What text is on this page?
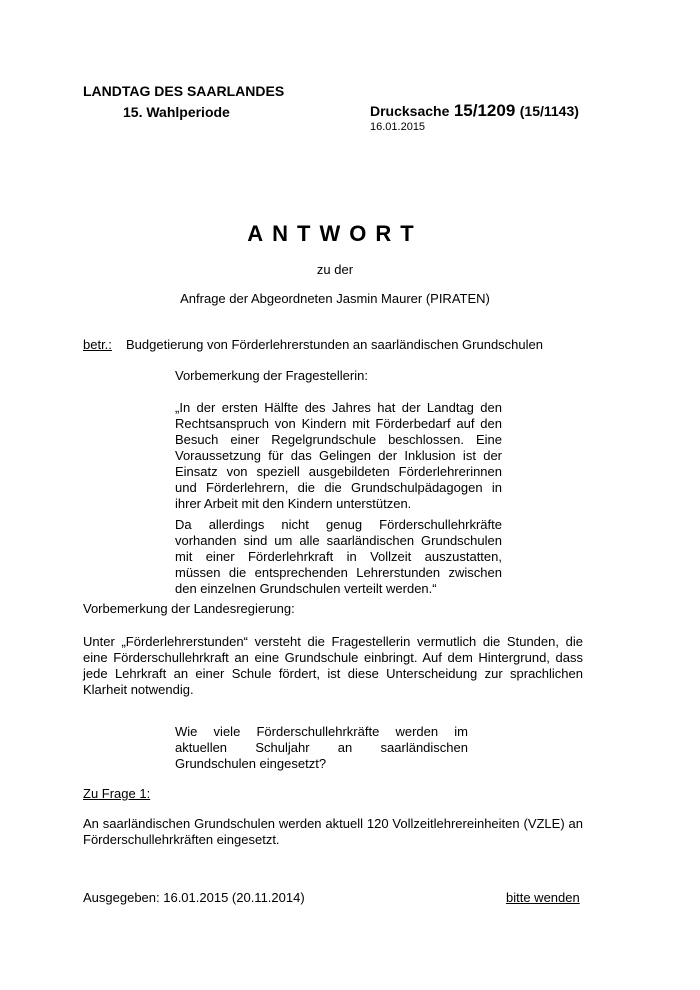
LANDTAG DES SAARLANDES
15. Wahlperiode	Drucksache 15/1209 (15/1143)
16.01.2015
ANTWORT
zu der
Anfrage der Abgeordneten Jasmin Maurer (PIRATEN)
betr.: Budgetierung von Förderlehrerstunden an saarländischen Grundschulen
Vorbemerkung der Fragestellerin:
„In der ersten Hälfte des Jahres hat der Landtag den Rechtsanspruch von Kindern mit Förderbedarf auf den Besuch einer Regelgrundschule beschlossen. Eine Voraussetzung für das Gelingen der Inklusion ist der Einsatz von speziell ausgebildeten Förderlehrerinnen und Förderlehrern, die die Grundschulpädagogen in ihrer Arbeit mit den Kindern unterstützen.
Da allerdings nicht genug Förderschullehrkräfte vorhanden sind um alle saarländischen Grundschulen mit einer Förderlehrkraft in Vollzeit auszustatten, müssen die entsprechenden Lehrerstunden zwischen den einzelnen Grundschulen verteilt werden.“
Vorbemerkung der Landesregierung:
Unter „Förderlehrerstunden“ versteht die Fragestellerin vermutlich die Stunden, die eine Förderschullehrkraft an eine Grundschule einbringt. Auf dem Hintergrund, dass jede Lehrkraft an einer Schule fördert, ist diese Unterscheidung zur sprachlichen Klarheit notwendig.
Wie viele Förderschullehrkräfte werden im aktuellen Schuljahr an saarländischen Grundschulen eingesetzt?
Zu Frage 1:
An saarländischen Grundschulen werden aktuell 120 Vollzeitlehrereinheiten (VZLE) an Förderschullehrkräften eingesetzt.
Ausgegeben: 16.01.2015 (20.11.2014)	bitte wenden
